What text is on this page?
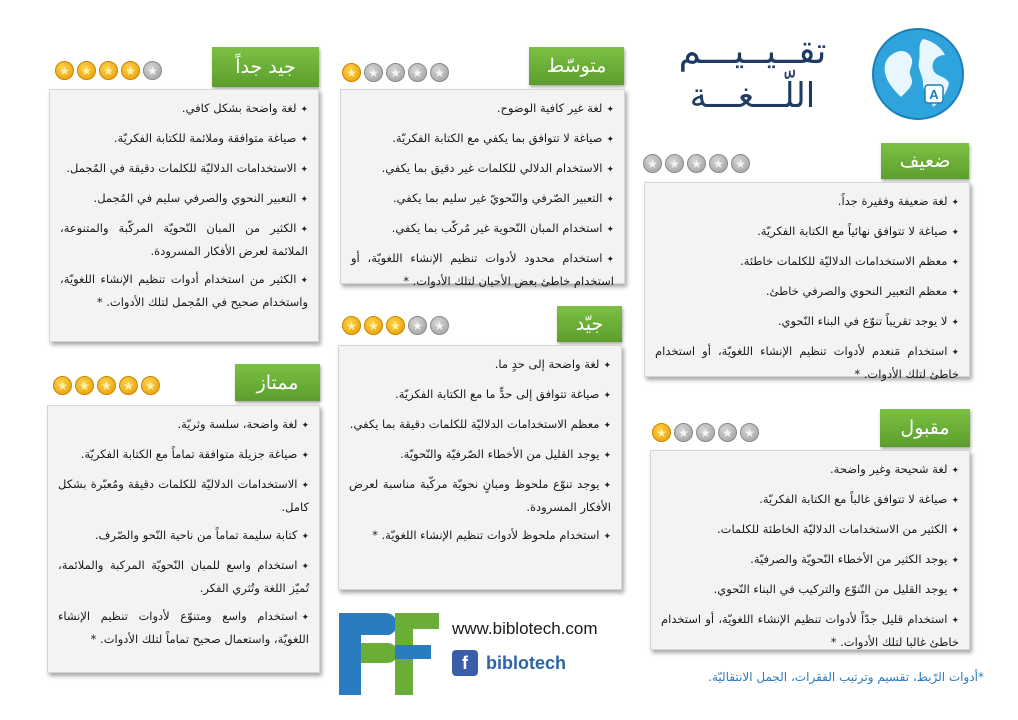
تقــيــيـــم
اللّـــغـــة	A
★ ★ ★ ★ ★	ضعيف
✦لغة ضعيفة وفقيرة جداً.
✦صياغة لا تتوافق نهائياً مع الكتابة الفكريّة.
✦معظم الاستخدامات الدلاليّة للكلمات خاطئة.
✦معظم التعبير النحوي والصرفي خاطئ.
✦لا يوجد تقريباً تنوّع في البناء النّحوي.
✦استخدام مَنعدم لأدوات تنظيم الإنشاء اللغويّة، أو استخدام خاطئ لتلك الأدوات. *
★ ★ ★ ★ ★	مقبول
✦لغة شحيحة وغير واضحة.
✦صياغة لا تتوافق غالباً مع الكتابة الفكريّة.
✦الكثير من الاستخدامات الدلاليّة الخاطئة للكلمات.
✦يوجد الكثير من الأخطاء النّحويّة والصرفيّة.
✦يوجد القليل من التّنوّع والتركيب في البناء النّحوي.
✦استخدام قليل جدّاً لأدوات تنظيم الإنشاء اللغويّة، أو استخدام خاطئ غالبا لتلك الأدوات. *
★ ★ ★ ★ ★	متوسّط
✦لغة غير كافية الوضوح.
✦صياغة لا تتوافق بما يكفي مع الكتابة الفكريّة.
✦الاستخدام الدلالي للكلمات غير دقيق بما يكفي.
✦التعبير الصّرفي والنّحويّ غير سليم بما يكفي.
✦استخدام المبان النّحوية غير مُركّب بما يكفي.
✦استخدام محدود لأدوات تنظيم الإنشاء اللغويّة، أو استخدام خاطئ بعض الأحيان لتلك الأدوات. *
★ ★ ★ ★ ★	جيّد
✦لغة واضحة إلى حدٍ ما.
✦صياغة تتوافق إلى حدٍّ ما مع الكتابة الفكريّة.
✦معظم الاستخدامات الدلاليّة للكلمات دقيقة بما يكفي.
✦يوجد القليل من الأخطاء الصّرفيّة والنّحويّة.
✦يوجد تنوّع ملحوظ ومبانٍ نحويّة مركّبة مناسبة لعرض الأفكار المسرودة.
✦استخدام ملحوظ لأدوات تنظيم الإنشاء اللغويّة. *
★ ★ ★ ★ ★	جيد جداً
✦لغة واضحة بشكل كافي.
✦صياغة متوافقة وملائمة للكتابة الفكريّة.
✦الاستخدامات الدلاليّة للكلمات دقيقة في المُجمل.
✦التعبير النحوي والصرفي سليم في المُجمل.
✦الكثير من المبان النّحويّة المركّبة والمتنوعة، الملائمة لعرض الأفكار المسرودة.
✦الكثير من استخدام أدوات تنظيم الإنشاء اللغويّة، واستخدام صحيح في المُجمل لتلك الأدوات. *
★ ★ ★ ★ ★	ممتاز
✦لغة واضحة، سلسة وثريّة.
✦صياغة جزيلة متوافقة تماماً مع الكتابة الفكريّة.
✦الاستخدامات الدلاليّة للكلمات دقيقة ومُعبّرة بشكل كامل.
✦كتابة سليمة تماماً من ناحية النّحو والصّرف.
✦استخدام واسع للمبان النّحويّة المركبة والملائمة، تُميّز اللغة وتُثري الفكر.
✦استخدام واسع ومتنوّع لأدوات تنظيم الإنشاء اللغويّة، واستعمال صحيح تماماً لتلك الأدوات. *
www.biblotech.com
f	biblotech
*أدوات الرّبط، تقسيم وترتيب الفقرات، الجمل الانتقاليّة.
